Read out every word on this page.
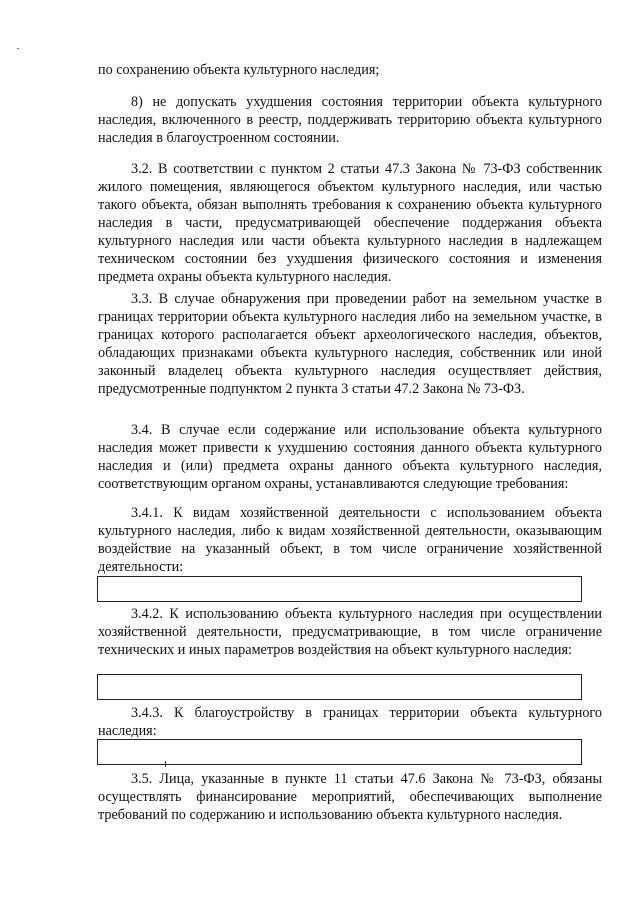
по сохранению объекта культурного наследия;

8) не допускать ухудшения состояния территории объекта культурного наследия, включенного в реестр, поддерживать территорию объекта культурного наследия в благоустроенном состоянии.

3.2. В соответствии с пунктом 2 статьи 47.3 Закона № 73-ФЗ собственник жилого помещения, являющегося объектом культурного наследия, или частью такого объекта, обязан выполнять требования к сохранению объекта культурного наследия в части, предусматривающей обеспечение поддержания объекта культурного наследия или части объекта культурного наследия в надлежащем техническом состоянии без ухудшения физического состояния и изменения предмета охраны объекта культурного наследия.

3.3. В случае обнаружения при проведении работ на земельном участке в границах территории объекта культурного наследия либо на земельном участке, в границах которого располагается объект археологического наследия, объектов, обладающих признаками объекта культурного наследия, собственник или иной законный владелец объекта культурного наследия осуществляет действия, предусмотренные подпунктом 2 пункта 3 статьи 47.2 Закона № 73-ФЗ.

3.4. В случае если содержание или использование объекта культурного наследия может привести к ухудшению состояния данного объекта культурного наследия и (или) предмета охраны данного объекта культурного наследия, соответствующим органом охраны, устанавливаются следующие требования:

3.4.1. К видам хозяйственной деятельности с использованием объекта культурного наследия, либо к видам хозяйственной деятельности, оказывающим воздействие на указанный объект, в том числе ограничение хозяйственной деятельности:

3.4.2. К использованию объекта культурного наследия при осуществлении хозяйственной деятельности, предусматривающие, в том числе ограничение технических и иных параметров воздействия на объект культурного наследия:

3.4.3. К благоустройству в границах территории объекта культурного наследия:

3.5. Лица, указанные в пункте 11 статьи 47.6 Закона № 73-ФЗ, обязаны осуществлять финансирование мероприятий, обеспечивающих выполнение требований по содержанию и использованию объекта культурного наследия.
